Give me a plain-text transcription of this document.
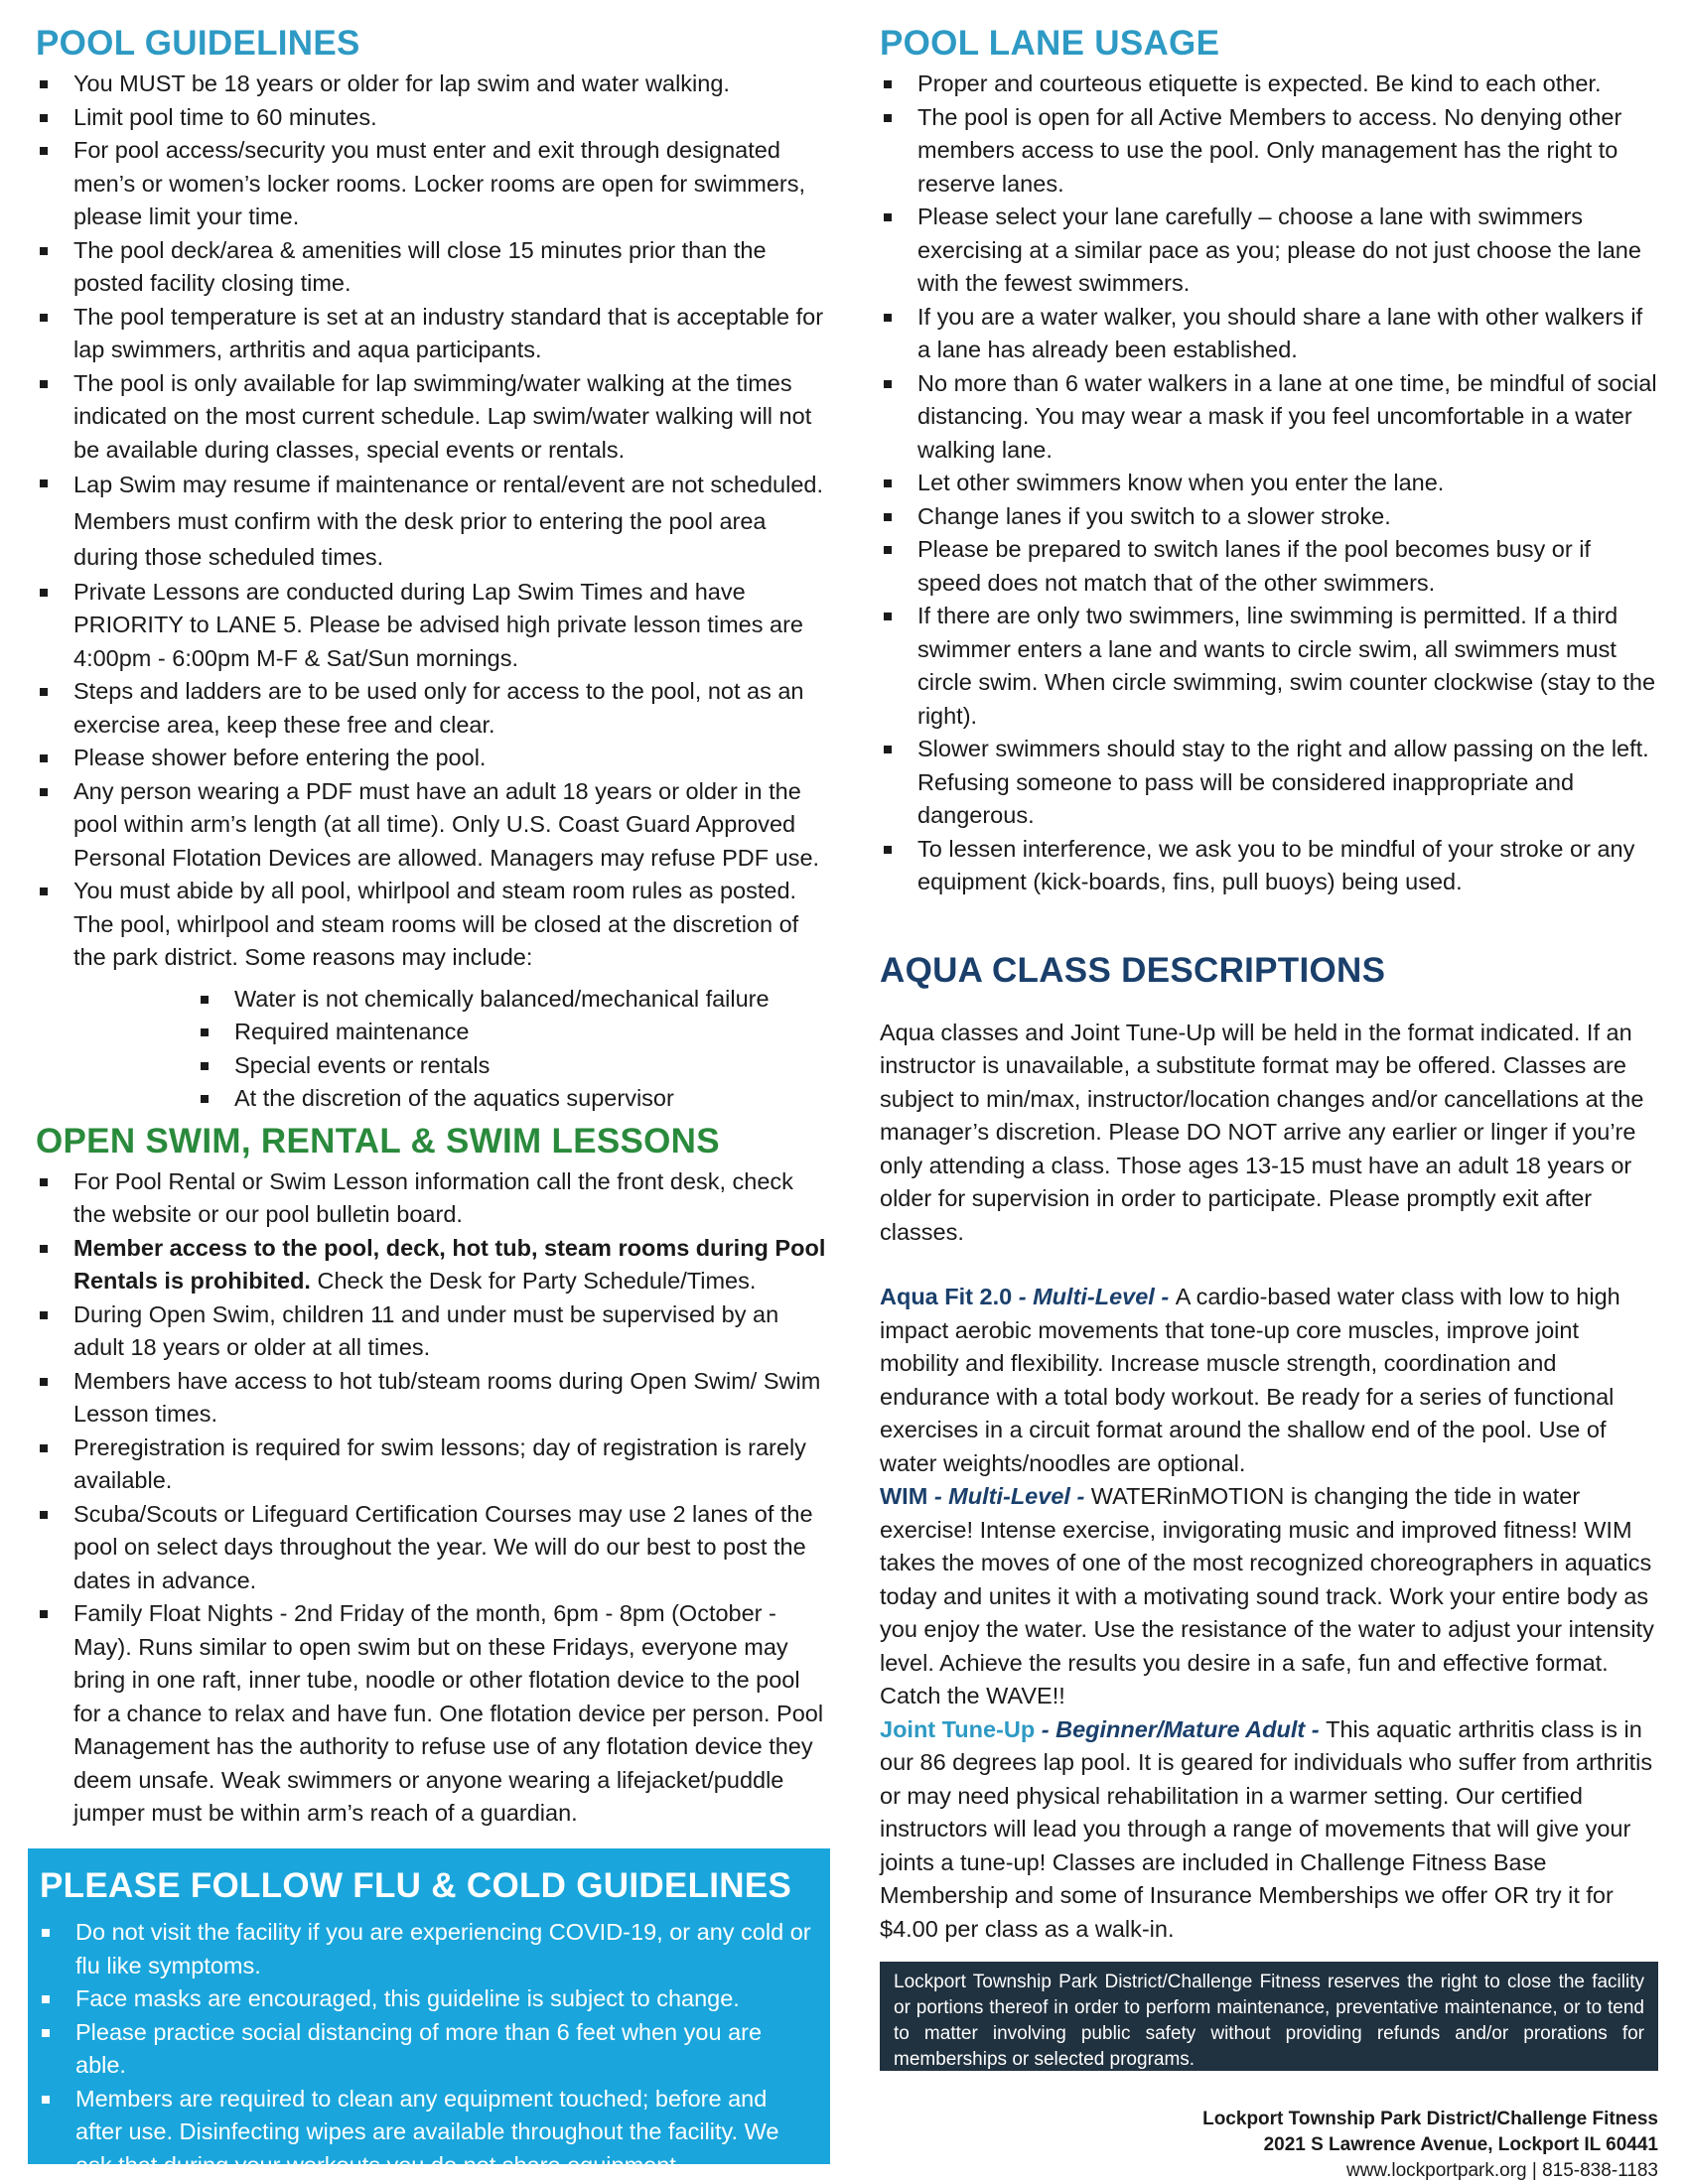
POOL GUIDELINES
You MUST be 18 years or older for lap swim and water walking.
Limit pool time to 60 minutes.
For pool access/security you must enter and exit through designated men’s or women’s locker rooms. Locker rooms are open for swimmers, please limit your time.
The pool deck/area & amenities will close 15 minutes prior than the posted facility closing time.
The pool temperature is set at an industry standard that is acceptable for lap swimmers, arthritis and aqua participants.
The pool is only available for lap swimming/water walking at the times indicated on the most current schedule. Lap swim/water walking will not be available during classes, special events or rentals.
Lap Swim may resume if maintenance or rental/event are not scheduled. Members must confirm with the desk prior to entering the pool area during those scheduled times.
Private Lessons are conducted during Lap Swim Times and have PRIORITY to LANE 5. Please be advised high private lesson times are 4:00pm - 6:00pm M-F & Sat/Sun mornings.
Steps and ladders are to be used only for access to the pool, not as an exercise area, keep these free and clear.
Please shower before entering the pool.
Any person wearing a PDF must have an adult 18 years or older in the pool within arm’s length (at all time). Only U.S. Coast Guard Approved Personal Flotation Devices are allowed. Managers may refuse PDF use.
You must abide by all pool, whirlpool and steam room rules as posted. The pool, whirlpool and steam rooms will be closed at the discretion of the park district. Some reasons may include:
Water is not chemically balanced/mechanical failure
Required maintenance
Special events or rentals
At the discretion of the aquatics supervisor
OPEN SWIM, RENTAL & SWIM LESSONS
For Pool Rental or Swim Lesson information call the front desk, check the website or our pool bulletin board.
Member access to the pool, deck, hot tub, steam rooms during Pool Rentals is prohibited. Check the Desk for Party Schedule/Times.
During Open Swim, children 11 and under must be supervised by an adult 18 years or older at all times.
Members have access to hot tub/steam rooms during Open Swim/ Swim Lesson times.
Preregistration is required for swim lessons; day of registration is rarely available.
Scuba/Scouts or Lifeguard Certification Courses may use 2 lanes of the pool on select days throughout the year. We will do our best to post the dates in advance.
Family Float Nights - 2nd Friday of the month, 6pm - 8pm (October - May). Runs similar to open swim but on these Fridays, everyone may bring in one raft, inner tube, noodle or other flotation device to the pool for a chance to relax and have fun. One flotation device per person. Pool Management has the authority to refuse use of any flotation device they deem unsafe. Weak swimmers or anyone wearing a lifejacket/puddle jumper must be within arm’s reach of a guardian.
PLEASE FOLLOW FLU & COLD GUIDELINES
Do not visit the facility if you are experiencing COVID-19, or any cold or flu like symptoms.
Face masks are encouraged, this guideline is subject to change.
Please practice social distancing of more than 6 feet when you are able.
Members are required to clean any equipment touched; before and after use. Disinfecting wipes are available throughout the facility. We ask that during your workouts you do not share equipment.
POOL LANE USAGE
Proper and courteous etiquette is expected. Be kind to each other.
The pool is open for all Active Members to access. No denying other members access to use the pool. Only management has the right to reserve lanes.
Please select your lane carefully – choose a lane with swimmers exercising at a similar pace as you; please do not just choose the lane with the fewest swimmers.
If you are a water walker, you should share a lane with other walkers if a lane has already been established.
No more than 6 water walkers in a lane at one time, be mindful of social distancing. You may wear a mask if you feel uncomfortable in a water walking lane.
Let other swimmers know when you enter the lane.
Change lanes if you switch to a slower stroke.
Please be prepared to switch lanes if the pool becomes busy or if speed does not match that of the other swimmers.
If there are only two swimmers, line swimming is permitted. If a third swimmer enters a lane and wants to circle swim, all swimmers must circle swim. When circle swimming, swim counter clockwise (stay to the right).
Slower swimmers should stay to the right and allow passing on the left. Refusing someone to pass will be considered inappropriate and dangerous.
To lessen interference, we ask you to be mindful of your stroke or any equipment (kick-boards, fins, pull buoys) being used.
AQUA CLASS DESCRIPTIONS

Aqua classes and Joint Tune-Up will be held in the format indicated. If an instructor is unavailable, a substitute format may be offered. Classes are subject to min/max, instructor/location changes and/or cancellations at the manager’s discretion. Please DO NOT arrive any earlier or linger if you’re only attending a class. Those ages 13-15 must have an adult 18 years or older for supervision in order to participate. Please promptly exit after classes.

Aqua Fit 2.0 - Multi-Level - A cardio-based water class with low to high impact aerobic movements that tone-up core muscles, improve joint mobility and flexibility. Increase muscle strength, coordination and endurance with a total body workout. Be ready for a series of functional exercises in a circuit format around the shallow end of the pool. Use of water weights/noodles are optional.

WIM - Multi-Level - WATERinMOTION is changing the tide in water exercise! Intense exercise, invigorating music and improved fitness! WIM takes the moves of one of the most recognized choreographers in aquatics today and unites it with a motivating sound track. Work your entire body as you enjoy the water. Use the resistance of the water to adjust your intensity level. Achieve the results you desire in a safe, fun and effective format. Catch the WAVE!!

Joint Tune-Up - Beginner/Mature Adult - This aquatic arthritis class is in our 86 degrees lap pool. It is geared for individuals who suffer from arthritis or may need physical rehabilitation in a warmer setting. Our certified instructors will lead you through a range of movements that will give your joints a tune-up! Classes are included in Challenge Fitness Base Membership and some of Insurance Memberships we offer OR try it for $4.00 per class as a walk-in.

Lockport Township Park District/Challenge Fitness reserves the right to close the facility or portions thereof in order to perform maintenance, preventative maintenance, or to tend to matter involving public safety without providing refunds and/or prorations for memberships or selected programs.
Lockport Township Park District/Challenge Fitness
2021 S Lawrence Avenue, Lockport IL 60441
www.lockportpark.org | 815-838-1183
